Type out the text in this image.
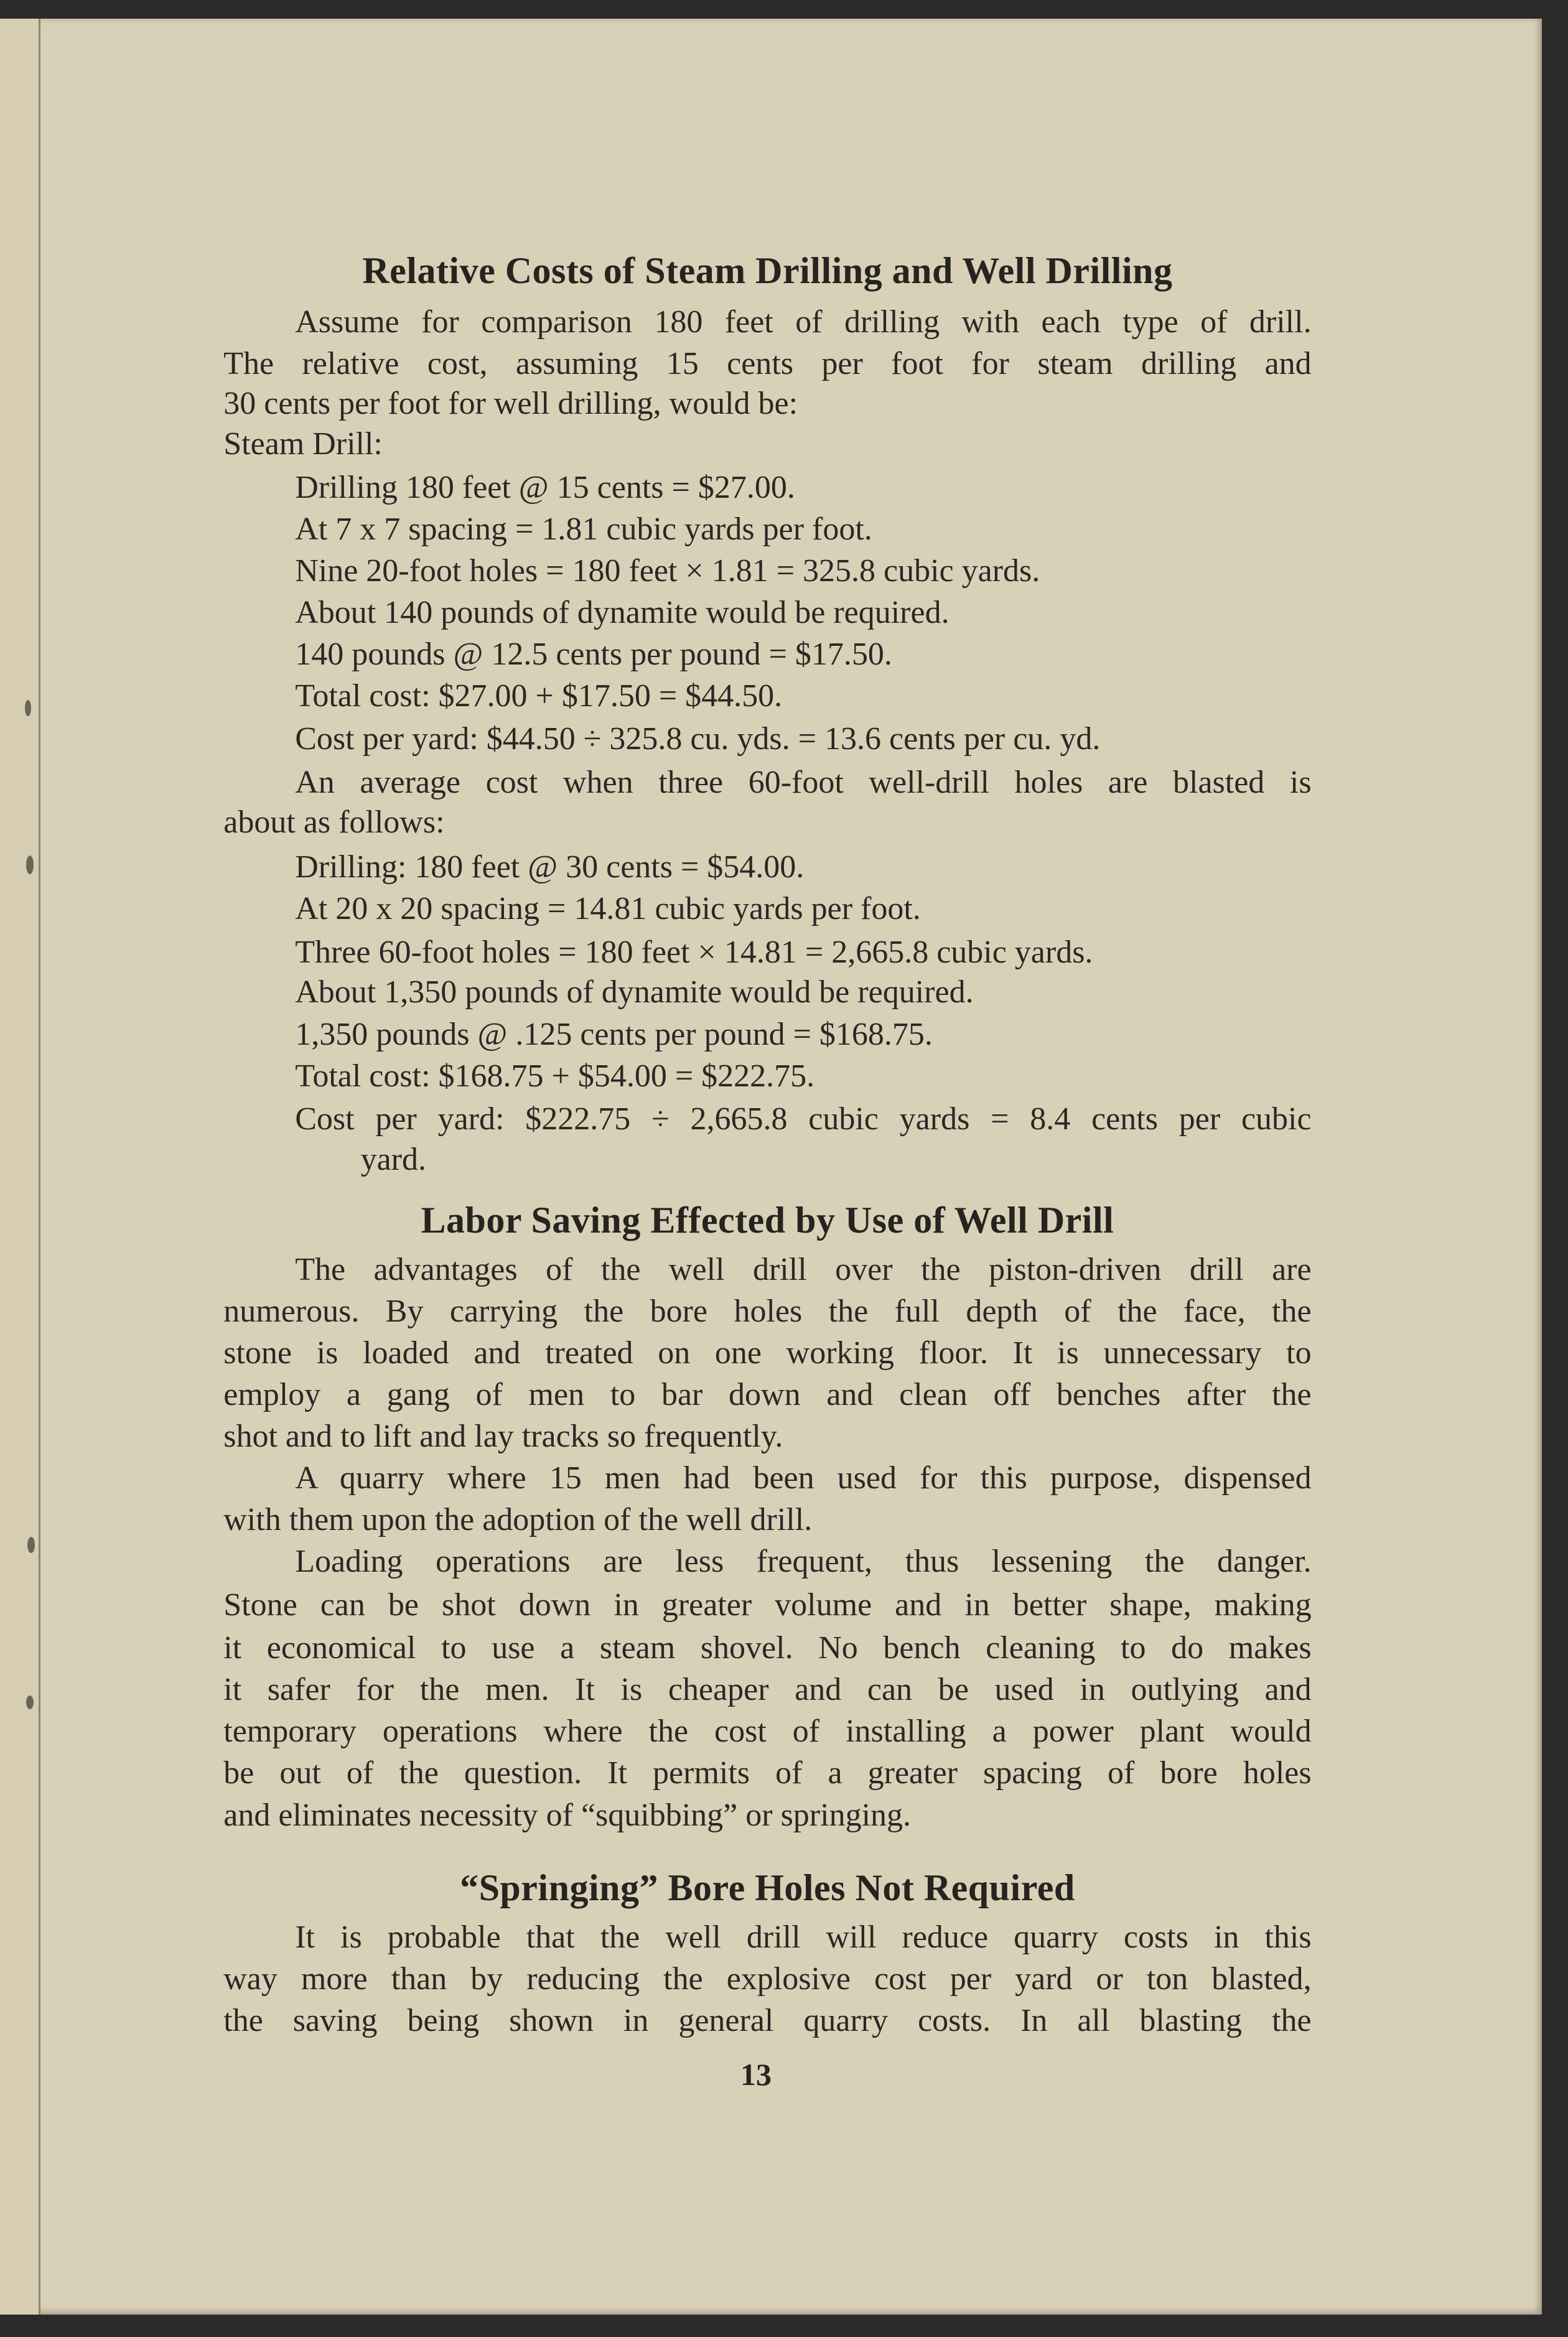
Relative Costs of Steam Drilling and Well Drilling
Assume for comparison 180 feet of drilling with each type of drill.
The relative cost, assuming 15 cents per foot for steam drilling and
30 cents per foot for well drilling, would be:
Steam Drill:
Drilling 180 feet @ 15 cents = $27.00.
At 7 x 7 spacing = 1.81 cubic yards per foot.
Nine 20-foot holes = 180 feet × 1.81 = 325.8 cubic yards.
About 140 pounds of dynamite would be required.
140 pounds @ 12.5 cents per pound = $17.50.
Total cost: $27.00 + $17.50 = $44.50.
Cost per yard: $44.50 ÷ 325.8 cu. yds. = 13.6 cents per cu. yd.
An average cost when three 60-foot well-drill holes are blasted is
about as follows:
Drilling: 180 feet @ 30 cents = $54.00.
At 20 x 20 spacing = 14.81 cubic yards per foot.
Three 60-foot holes = 180 feet × 14.81 = 2,665.8 cubic yards.
About 1,350 pounds of dynamite would be required.
1,350 pounds @ .125 cents per pound = $168.75.
Total cost: $168.75 + $54.00 = $222.75.
Cost per yard: $222.75 ÷ 2,665.8 cubic yards = 8.4 cents per cubic
yard.
Labor Saving Effected by Use of Well Drill
The advantages of the well drill over the piston-driven drill are
numerous. By carrying the bore holes the full depth of the face, the
stone is loaded and treated on one working floor. It is unnecessary to
employ a gang of men to bar down and clean off benches after the
shot and to lift and lay tracks so frequently.
A quarry where 15 men had been used for this purpose, dispensed
with them upon the adoption of the well drill.
Loading operations are less frequent, thus lessening the danger.
Stone can be shot down in greater volume and in better shape, making
it economical to use a steam shovel. No bench cleaning to do makes
it safer for the men. It is cheaper and can be used in outlying and
temporary operations where the cost of installing a power plant would
be out of the question. It permits of a greater spacing of bore holes
and eliminates necessity of “squibbing” or springing.
“Springing” Bore Holes Not Required
It is probable that the well drill will reduce quarry costs in this
way more than by reducing the explosive cost per yard or ton blasted,
the saving being shown in general quarry costs. In all blasting the
13
